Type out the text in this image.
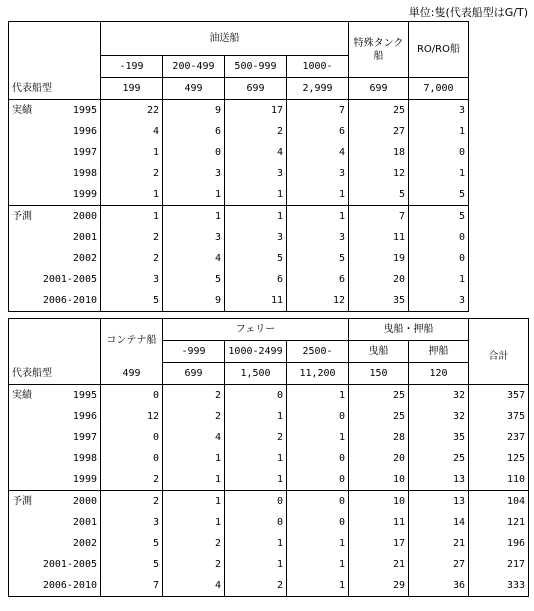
単位:隻(代表船型はG/T)
	油送船				特殊タンク船	RO/RO船
	-199	200-499	500-999	1000-		
代表船型	199	499	699	2,999	699	7,000

実績 1995	22	9	17	7	25	3

1996	4	6	2	6	27	1

1997	1	0	4	4	18	0

1998	2	3	3	3	12	1

1999	1	1	1	1	5	5

予測 2000	1	1	1	1	7	5

2001	2	3	3	3	11	0

2002	2	4	5	5	19	0

2001-2005	3	5	6	6	20	1

2006-2010	5	9	11	12	35	3
	コンテナ船	フェリー			曳船・押船		合計
		-999	1000-2499	2500-	曳船	押船	
代表船型	499	699	1,500	11,200	150	120	

実績 1995	0	2	0	1	25	32	357

1996	12	2	1	0	25	32	375

1997	0	4	2	1	28	35	237

1998	0	1	1	0	20	25	125

1999	2	1	1	0	10	13	110

予測 2000	2	1	0	0	10	13	104

2001	3	1	0	0	11	14	121

2002	5	2	1	1	17	21	196

2001-2005	5	2	1	1	21	27	217

2006-2010	7	4	2	1	29	36	333
